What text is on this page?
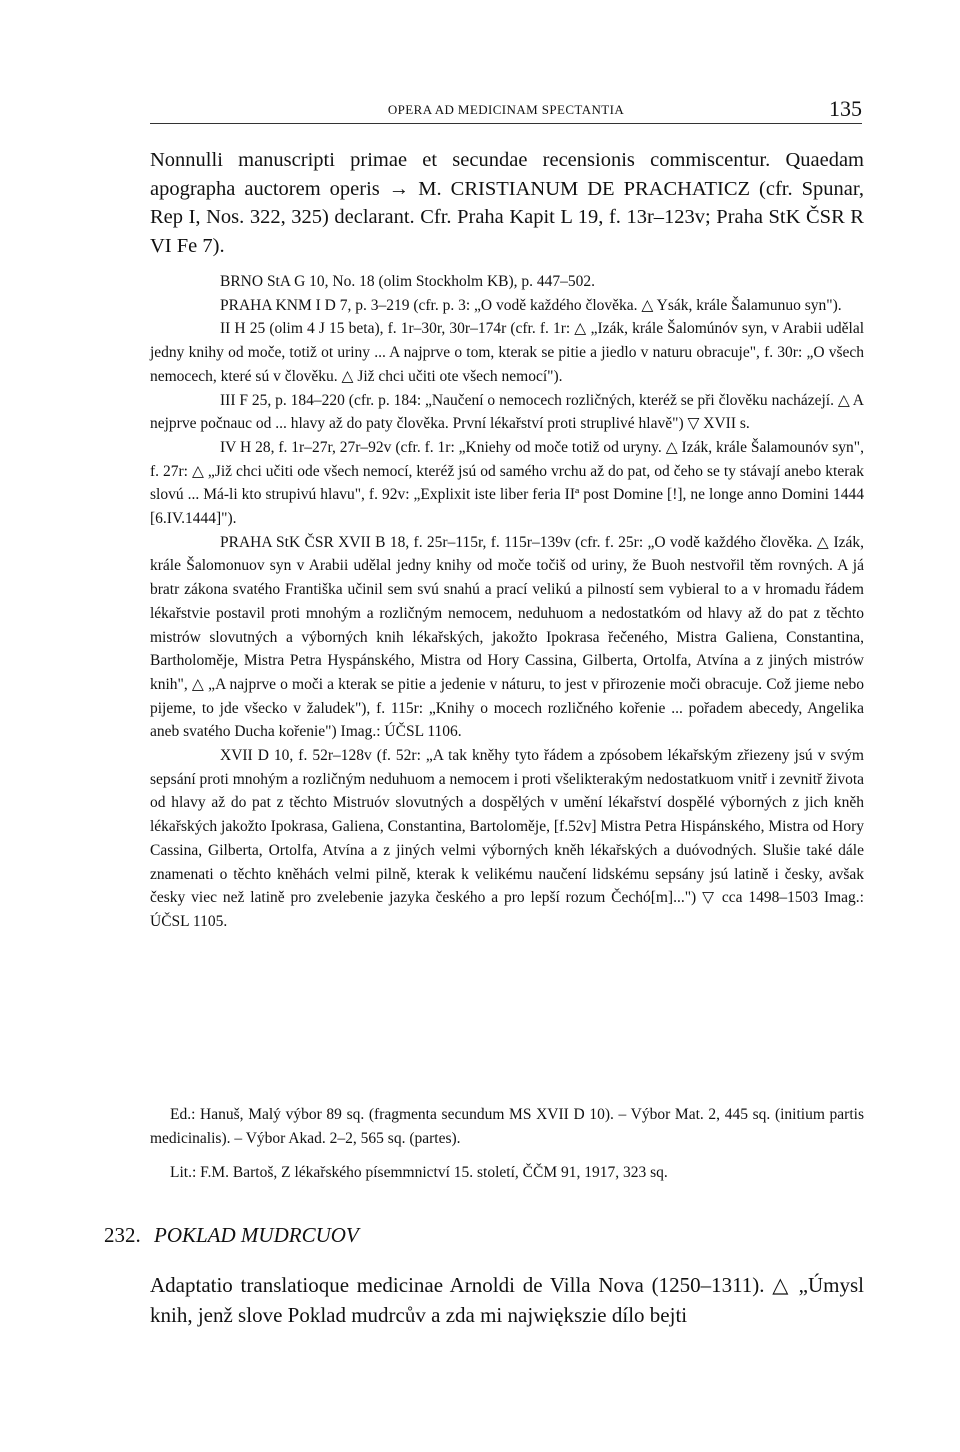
OPERA AD MEDICINAM SPECTANTIA	135
Nonnulli manuscripti primae et secundae recensionis commiscentur. Quaedam apographa auctorem operis → M. CRISTIANUM DE PRACHATICZ (cfr. Spunar, Rep I, Nos. 322, 325) declarant. Cfr. Praha Kapit L 19, f. 13r–123v; Praha StK ČSR R VI Fe 7).

BRNO StA G 10, No. 18 (olim Stockholm KB), p. 447–502.

PRAHA KNM I D 7, p. 3–219 (cfr. p. 3: „O vodě každého člověka. △ Ysák, krále Šalamunuo syn").

II H 25 (olim 4 J 15 beta), f. 1r–30r, 30r–174r (cfr. f. 1r: △ „Izák, krále Šalomúnóv syn, v Arabii udělal jedny knihy od moče, totiž ot uriny ... A najprve o tom, kterak se pitie a jiedlo v naturu obracuje", f. 30r: „O všech nemocech, které sú v člověku. △ Již chci učiti ote všech nemocí").

III F 25, p. 184–220 (cfr. p. 184: „Naučení o nemocech rozličných, kteréž se při člověku nacházejí. △ A nejprve počnauc od ... hlavy až do paty člověka. První lékařství proti struplivé hlavě") ▽ XVII s.

IV H 28, f. 1r–27r, 27r–92v (cfr. f. 1r: „Kniehy od moče totiž od uryny. △ Izák, krále Šalamounóv syn", f. 27r: △ „Již chci učiti ode všech nemocí, kteréž jsú od samého vrchu až do pat, od čeho se ty stávají anebo kterak slovú ... Má-li kto strupivú hlavu", f. 92v: „Explixit iste liber feria IIª post Domine [!], ne longe anno Domini 1444 [6.IV.1444]").

PRAHA StK ČSR XVII B 18, f. 25r–115r, f. 115r–139v (cfr. f. 25r: „O vodě každého člověka. △ Izák, krále Šalomonuov syn v Arabii udělal jedny knihy od moče točiš od uriny, že Buoh nestvořil těm rovných. A já bratr zákona svatého Františka učinil sem svú snahú a prací velikú a pilností sem vybieral to a v hromadu řádem lékařstvie postavil proti mnohým a rozličným nemocem, neduhuom a nedostatkóm od hlavy až do pat z těchto mistrów slovutných a výborných knih lékařských, jakožto Ipokrasa řečeného, Mistra Galiena, Constantina, Bartholoměje, Mistra Petra Hyspánského, Mistra od Hory Cassina, Gilberta, Ortolfa, Atvína a z jiných mistrów knih", △ „A najprve o moči a kterak se pitie a jedenie v náturu, to jest v přirozenie moči obracuje. Což jieme nebo pijeme, to jde všecko v žaludek"), f. 115r: „Knihy o mocech rozličného kořenie ... pořadem abecedy, Angelika aneb svatého Ducha kořenie") Imag.: ÚČSL 1106.

XVII D 10, f. 52r–128v (f. 52r: „A tak kněhy tyto řádem a zpósobem lékařským zřiezeny jsú v svým sepsání proti mnohým a rozličným neduhuom a nemocem i proti všelikterakým nedostatkuom vnitř i zevnitř života od hlavy až do pat z těchto Mistruóv slovutných a dospělých v umění lékařství dospělé výborných z jich kněh lékařských jakožto Ipokrasa, Galiena, Constantina, Bartoloměje, [f.52v] Mistra Petra Hispánského, Mistra od Hory Cassina, Gilberta, Ortolfa, Atvína a z jiných velmi výborných kněh lékařských a duóvodných. Slušie také dále znamenati o těchto kněhách velmi pilně, kterak k velikému naučení lidskému sepsány jsú latině i česky, avšak česky viec než latině pro zvelebenie jazyka českého a pro lepší rozum Čechó[m]...") ▽ cca 1498–1503 Imag.: ÚČSL 1105.

Ed.: Hanuš, Malý výbor 89 sq. (fragmenta secundum MS XVII D 10). – Výbor Mat. 2, 445 sq. (initium partis medicinalis). – Výbor Akad. 2–2, 565 sq. (partes).

Lit.: F.M. Bartoš, Z lékařského písemmnictví 15. století, ČČM 91, 1917, 323 sq.

232. POKLAD MUDRCUOV
Adaptatio translatioque medicinae Arnoldi de Villa Nova (1250–1311). △ „Úmysl knih, jenž slove Poklad mudrcův a zda mi największie dílo bejti
